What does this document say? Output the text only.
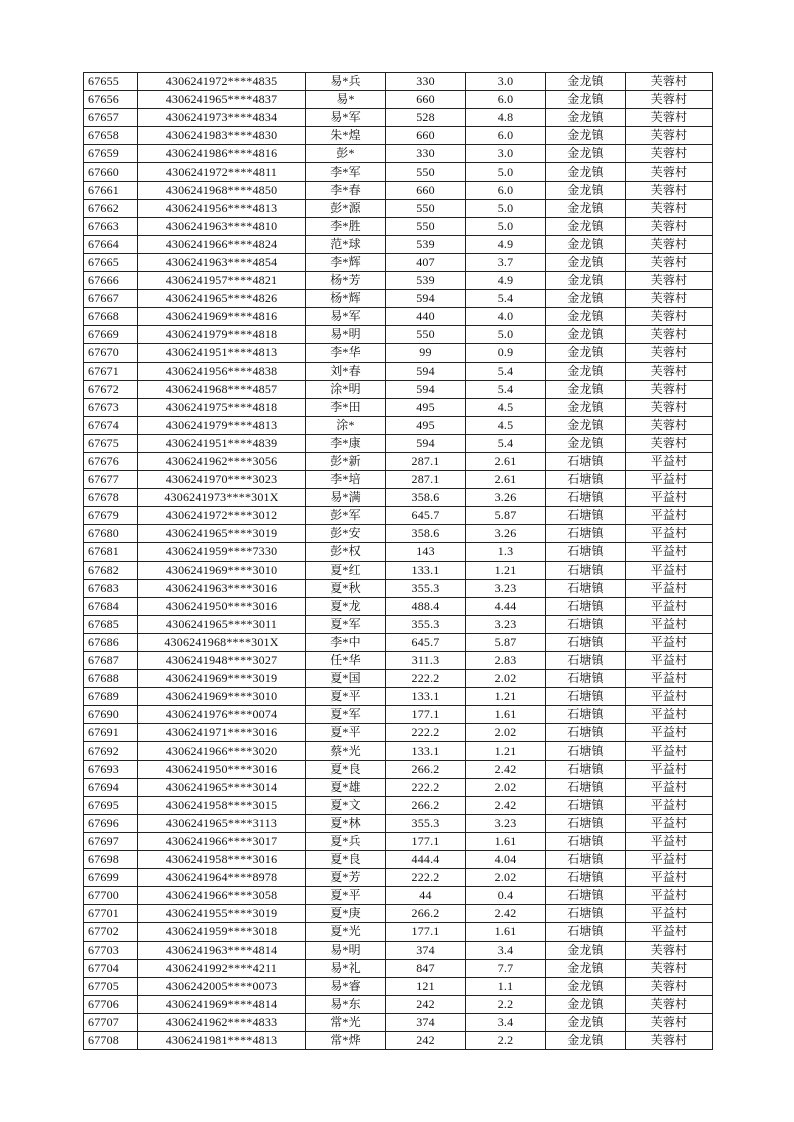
67655	4306241972****4835	易*兵	330	3.0	金龙镇	芙蓉村
67656	4306241965****4837	易*	660	6.0	金龙镇	芙蓉村
67657	4306241973****4834	易*军	528	4.8	金龙镇	芙蓉村
67658	4306241983****4830	朱*煌	660	6.0	金龙镇	芙蓉村
67659	4306241986****4816	彭*	330	3.0	金龙镇	芙蓉村
67660	4306241972****4811	李*军	550	5.0	金龙镇	芙蓉村
67661	4306241968****4850	李*春	660	6.0	金龙镇	芙蓉村
67662	4306241956****4813	彭*源	550	5.0	金龙镇	芙蓉村
67663	4306241963****4810	李*胜	550	5.0	金龙镇	芙蓉村
67664	4306241966****4824	范*球	539	4.9	金龙镇	芙蓉村
67665	4306241963****4854	李*辉	407	3.7	金龙镇	芙蓉村
67666	4306241957****4821	杨*芳	539	4.9	金龙镇	芙蓉村
67667	4306241965****4826	杨*辉	594	5.4	金龙镇	芙蓉村
67668	4306241969****4816	易*军	440	4.0	金龙镇	芙蓉村
67669	4306241979****4818	易*明	550	5.0	金龙镇	芙蓉村
67670	4306241951****4813	李*华	99	0.9	金龙镇	芙蓉村
67671	4306241956****4838	刘*春	594	5.4	金龙镇	芙蓉村
67672	4306241968****4857	涂*明	594	5.4	金龙镇	芙蓉村
67673	4306241975****4818	李*田	495	4.5	金龙镇	芙蓉村
67674	4306241979****4813	涂*	495	4.5	金龙镇	芙蓉村
67675	4306241951****4839	李*康	594	5.4	金龙镇	芙蓉村
67676	4306241962****3056	彭*新	287.1	2.61	石塘镇	平益村
67677	4306241970****3023	李*培	287.1	2.61	石塘镇	平益村
67678	4306241973****301X	易*满	358.6	3.26	石塘镇	平益村
67679	4306241972****3012	彭*军	645.7	5.87	石塘镇	平益村
67680	4306241965****3019	彭*安	358.6	3.26	石塘镇	平益村
67681	4306241959****7330	彭*权	143	1.3	石塘镇	平益村
67682	4306241969****3010	夏*红	133.1	1.21	石塘镇	平益村
67683	4306241963****3016	夏*秋	355.3	3.23	石塘镇	平益村
67684	4306241950****3016	夏*龙	488.4	4.44	石塘镇	平益村
67685	4306241965****3011	夏*军	355.3	3.23	石塘镇	平益村
67686	4306241968****301X	李*中	645.7	5.87	石塘镇	平益村
67687	4306241948****3027	任*华	311.3	2.83	石塘镇	平益村
67688	4306241969****3019	夏*国	222.2	2.02	石塘镇	平益村
67689	4306241969****3010	夏*平	133.1	1.21	石塘镇	平益村
67690	4306241976****0074	夏*军	177.1	1.61	石塘镇	平益村
67691	4306241971****3016	夏*平	222.2	2.02	石塘镇	平益村
67692	4306241966****3020	蔡*光	133.1	1.21	石塘镇	平益村
67693	4306241950****3016	夏*良	266.2	2.42	石塘镇	平益村
67694	4306241965****3014	夏*雄	222.2	2.02	石塘镇	平益村
67695	4306241958****3015	夏*文	266.2	2.42	石塘镇	平益村
67696	4306241965****3113	夏*林	355.3	3.23	石塘镇	平益村
67697	4306241966****3017	夏*兵	177.1	1.61	石塘镇	平益村
67698	4306241958****3016	夏*良	444.4	4.04	石塘镇	平益村
67699	4306241964****8978	夏*芳	222.2	2.02	石塘镇	平益村
67700	4306241966****3058	夏*平	44	0.4	石塘镇	平益村
67701	4306241955****3019	夏*庚	266.2	2.42	石塘镇	平益村
67702	4306241959****3018	夏*光	177.1	1.61	石塘镇	平益村
67703	4306241963****4814	易*明	374	3.4	金龙镇	芙蓉村
67704	4306241992****4211	易*礼	847	7.7	金龙镇	芙蓉村
67705	4306242005****0073	易*睿	121	1.1	金龙镇	芙蓉村
67706	4306241969****4814	易*东	242	2.2	金龙镇	芙蓉村
67707	4306241962****4833	常*光	374	3.4	金龙镇	芙蓉村
67708	4306241981****4813	常*烨	242	2.2	金龙镇	芙蓉村
